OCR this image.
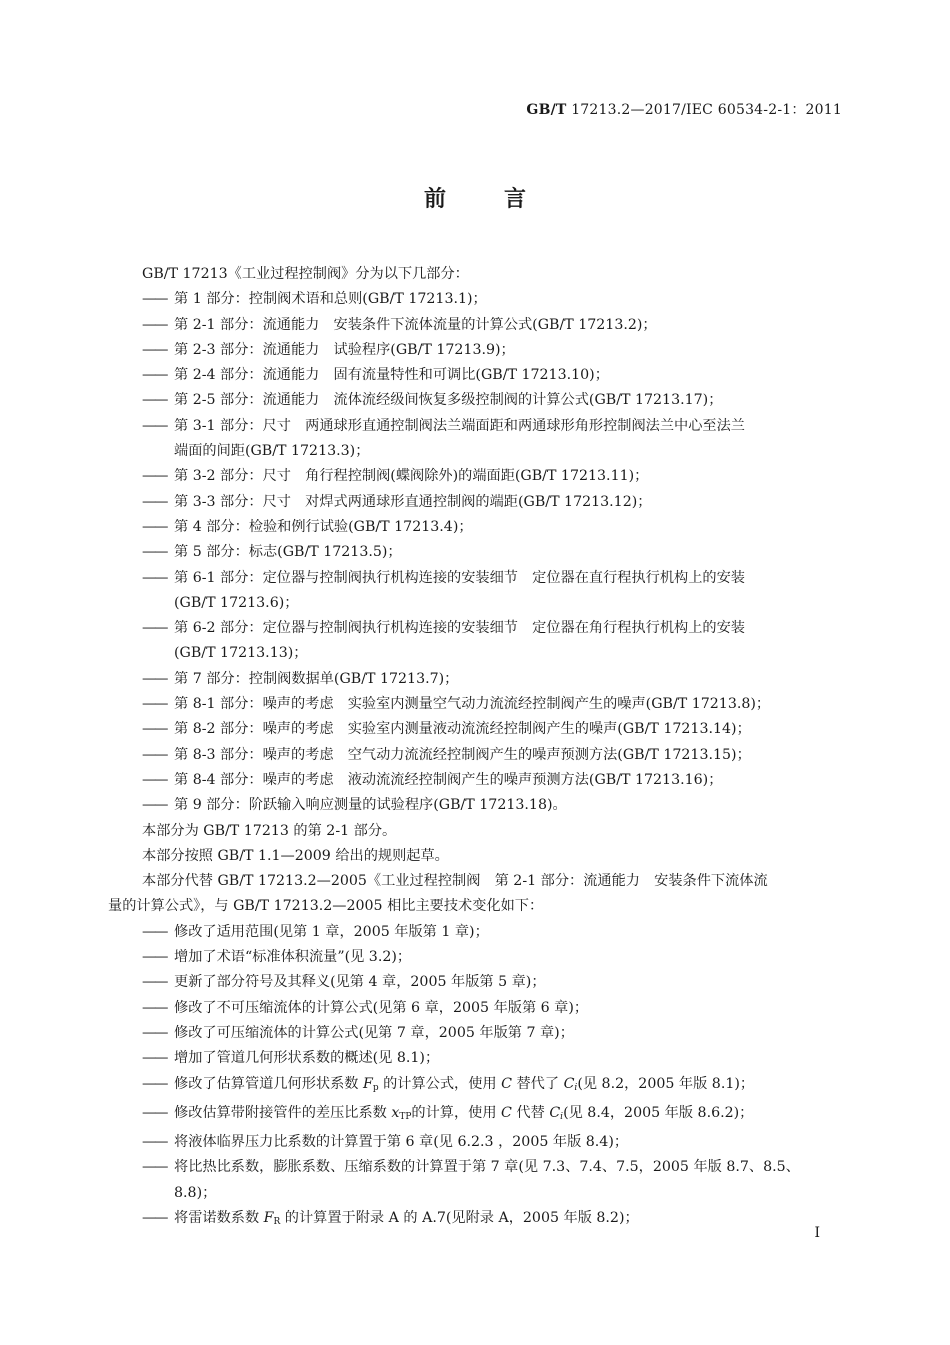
GB/T 17213.2—2017/IEC 60534-2-1：2011
前言

GB/T 17213《工业过程控制阀》分为以下几部分：

—— 第 1 部分：控制阀术语和总则(GB/T 17213.1)；

—— 第 2-1 部分：流通能力　安装条件下流体流量的计算公式(GB/T 17213.2)；

—— 第 2-3 部分：流通能力　试验程序(GB/T 17213.9)；

—— 第 2-4 部分：流通能力　固有流量特性和可调比(GB/T 17213.10)；

—— 第 2-5 部分：流通能力　流体流经级间恢复多级控制阀的计算公式(GB/T 17213.17)；

—— 第 3-1 部分：尺寸　两通球形直通控制阀法兰端面距和两通球形角形控制阀法兰中心至法兰

端面的间距(GB/T 17213.3)；

—— 第 3-2 部分：尺寸　角行程控制阀(蝶阀除外)的端面距(GB/T 17213.11)；

—— 第 3-3 部分：尺寸　对焊式两通球形直通控制阀的端距(GB/T 17213.12)；

—— 第 4 部分：检验和例行试验(GB/T 17213.4)；

—— 第 5 部分：标志(GB/T 17213.5)；

—— 第 6-1 部分：定位器与控制阀执行机构连接的安装细节　定位器在直行程执行机构上的安装

(GB/T 17213.6)；

—— 第 6-2 部分：定位器与控制阀执行机构连接的安装细节　定位器在角行程执行机构上的安装

(GB/T 17213.13)；

—— 第 7 部分：控制阀数据单(GB/T 17213.7)；

—— 第 8-1 部分：噪声的考虑　实验室内测量空气动力流流经控制阀产生的噪声(GB/T 17213.8)；

—— 第 8-2 部分：噪声的考虑　实验室内测量液动流流经控制阀产生的噪声(GB/T 17213.14)；

—— 第 8-3 部分：噪声的考虑　空气动力流流经控制阀产生的噪声预测方法(GB/T 17213.15)；

—— 第 8-4 部分：噪声的考虑　液动流流经控制阀产生的噪声预测方法(GB/T 17213.16)；

—— 第 9 部分：阶跃输入响应测量的试验程序(GB/T 17213.18)。

本部分为 GB/T 17213 的第 2-1 部分。

本部分按照 GB/T 1.1—2009 给出的规则起草。

本部分代替 GB/T 17213.2—2005《工业过程控制阀　第 2-1 部分：流通能力　安装条件下流体流

量的计算公式》，与 GB/T 17213.2—2005 相比主要技术变化如下：

—— 修改了适用范围(见第 1 章，2005 年版第 1 章)；

—— 增加了术语“标准体积流量”(见 3.2)；

—— 更新了部分符号及其释义(见第 4 章，2005 年版第 5 章)；

—— 修改了不可压缩流体的计算公式(见第 6 章，2005 年版第 6 章)；

—— 修改了可压缩流体的计算公式(见第 7 章，2005 年版第 7 章)；

—— 增加了管道几何形状系数的概述(见 8.1)；

—— 修改了估算管道几何形状系数 $F_p$ 的计算公式，使用 C 替代了 $C_i$(见 8.2，2005 年版 8.1)；

—— 修改估算带附接管件的差压比系数 $x_{TP}$的计算，使用 C 代替 $C_i$(见 8.4，2005 年版 8.6.2)；

—— 将液体临界压力比系数的计算置于第 6 章(见 6.2.3 ，2005 年版 8.4)；

—— 将比热比系数，膨胀系数、压缩系数的计算置于第 7 章(见 7.3、7.4、7.5，2005 年版 8.7、8.5、

8.8)；

—— 将雷诺数系数 $F_R$ 的计算置于附录 A 的 A.7(见附录 A，2005 年版 8.2)；

I
